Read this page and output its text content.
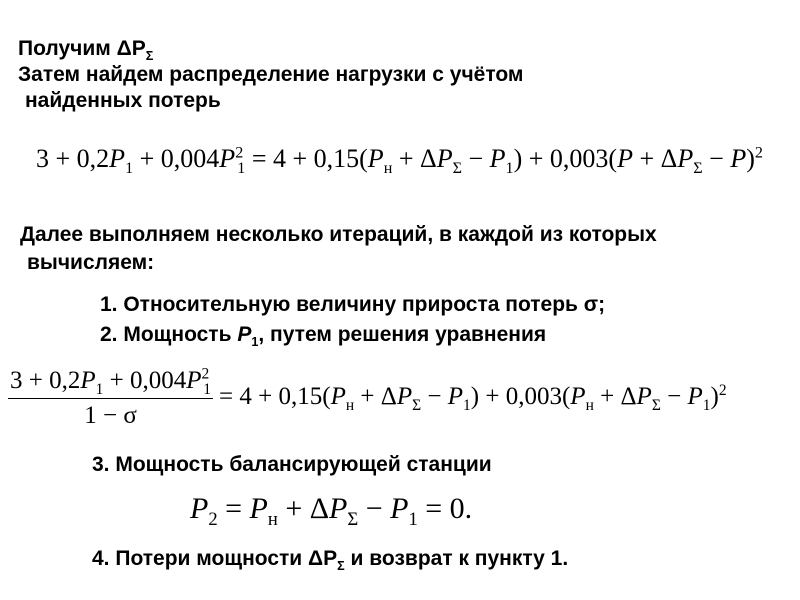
Получим $\Delta P_\Sigma$

Затем найдем распределение нагрузки с учётом

найденных потерь

$3 + 0,2P_1 + 0,004P^2_1 = 4 + 0,15(P_н + \Delta P_\Sigma - P_1) + 0,003(P + \Delta P_\Sigma - P)^2$

Далее выполняем несколько итераций, в каждой из которых

вычисляем:

1. Относительную величину прироста потерь σ;

2. Мощность $P_1$, путем решения уравнения

$\frac{3 + 0,2P_1 + 0,004P^2_1}{1 - \sigma} = 4 + 0,15(P_н + \Delta P_\Sigma - P_1) + 0,003(P_н + \Delta P_\Sigma - P_1)^2$

3. Мощность балансирующей станции

$P_2 = P_н + \Delta P_\Sigma - P_1 = 0$.

4. Потери мощности $\Delta P_\Sigma$ и возврат к пункту 1.
